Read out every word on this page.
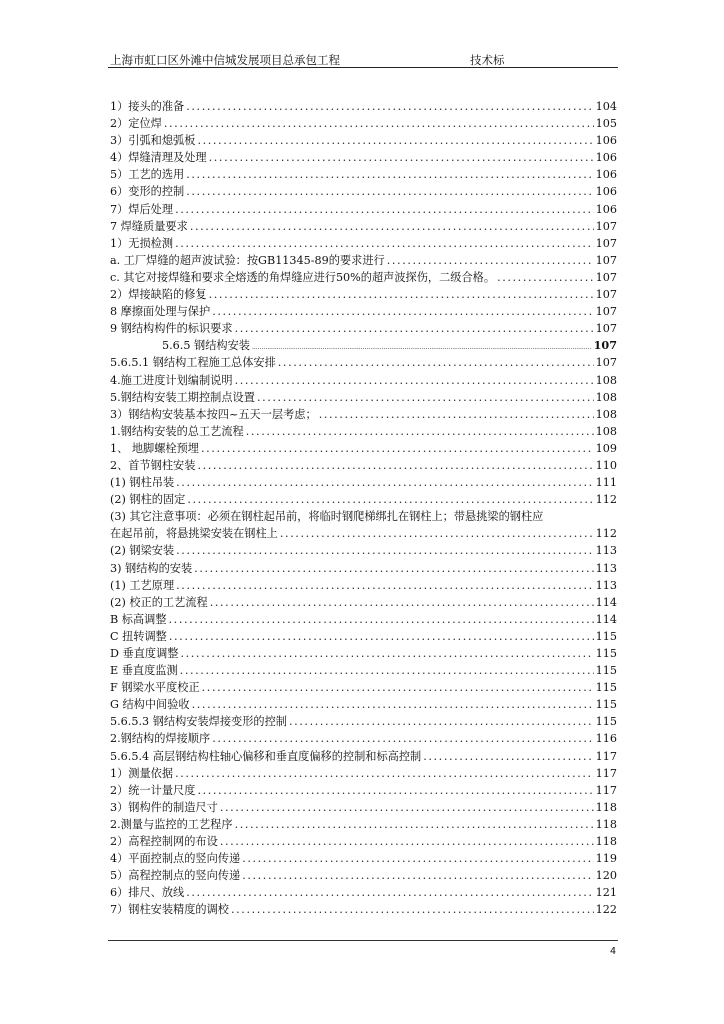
上海市虹口区外滩中信城发展项目总承包工程	技术标
1）接头的准备 .....	104
2）定位焊 .....	105
3）引弧和熄弧板 .....	106
4）焊缝清理及处理 .....	106
5）工艺的选用 .....	106
6）变形的控制 .....	106
7）焊后处理 .....	106
7 焊缝质量要求 .....	107
1）无损检测 .....	107
a. 工厂焊缝的超声波试验：按GB11345-89的要求进行 .....	107
c. 其它对接焊缝和要求全熔透的角焊缝应进行50%的超声波探伤，二级合格。 .....	107
2）焊接缺陷的修复 .....	107
8 摩擦面处理与保护 .....	107
9 钢结构构件的标识要求 .....	107
5.6.5 钢结构安装 .....	107
5.6.5.1 钢结构工程施工总体安排 .....	107
4.施工进度计划编制说明 .....	108
5.钢结构安装工期控制点设置 .....	108
3）钢结构安装基本按四~五天一层考虑； .....	108
1.钢结构安装的总工艺流程 .....	108
1、 地脚螺栓预埋 .....	109
2、首节钢柱安装 .....	110
(1) 钢柱吊装 .....	111
(2) 钢柱的固定 .....	112
(3) 其它注意事项：必须在钢柱起吊前，将临时钢爬梯绑扎在钢柱上；带悬挑梁的钢柱应
在起吊前，将悬挑梁安装在钢柱上 .....	112
(2) 钢梁安装 .....	113
3) 钢结构的安装 .....	113
(1) 工艺原理 .....	113
(2) 校正的工艺流程 .....	114
B 标高调整 .....	114
C 扭转调整 .....	115
D 垂直度调整 .....	115
E 垂直度监测 .....	115
F 钢梁水平度校正 .....	115
G 结构中间验收 .....	115
5.6.5.3 钢结构安装焊接变形的控制 .....	115
2.钢结构的焊接顺序 .....	116
5.6.5.4 高层钢结构柱轴心偏移和垂直度偏移的控制和标高控制 .....	117
1）测量依据 .....	117
2）统一计量尺度 .....	117
3）钢构件的制造尺寸 .....	118
2.测量与监控的工艺程序 .....	118
2）高程控制网的布设 .....	118
4）平面控制点的竖向传递 .....	119
5）高程控制点的竖向传递 .....	120
6）排尺、放线 .....	121
7）钢柱安装精度的调校 .....	122
4
